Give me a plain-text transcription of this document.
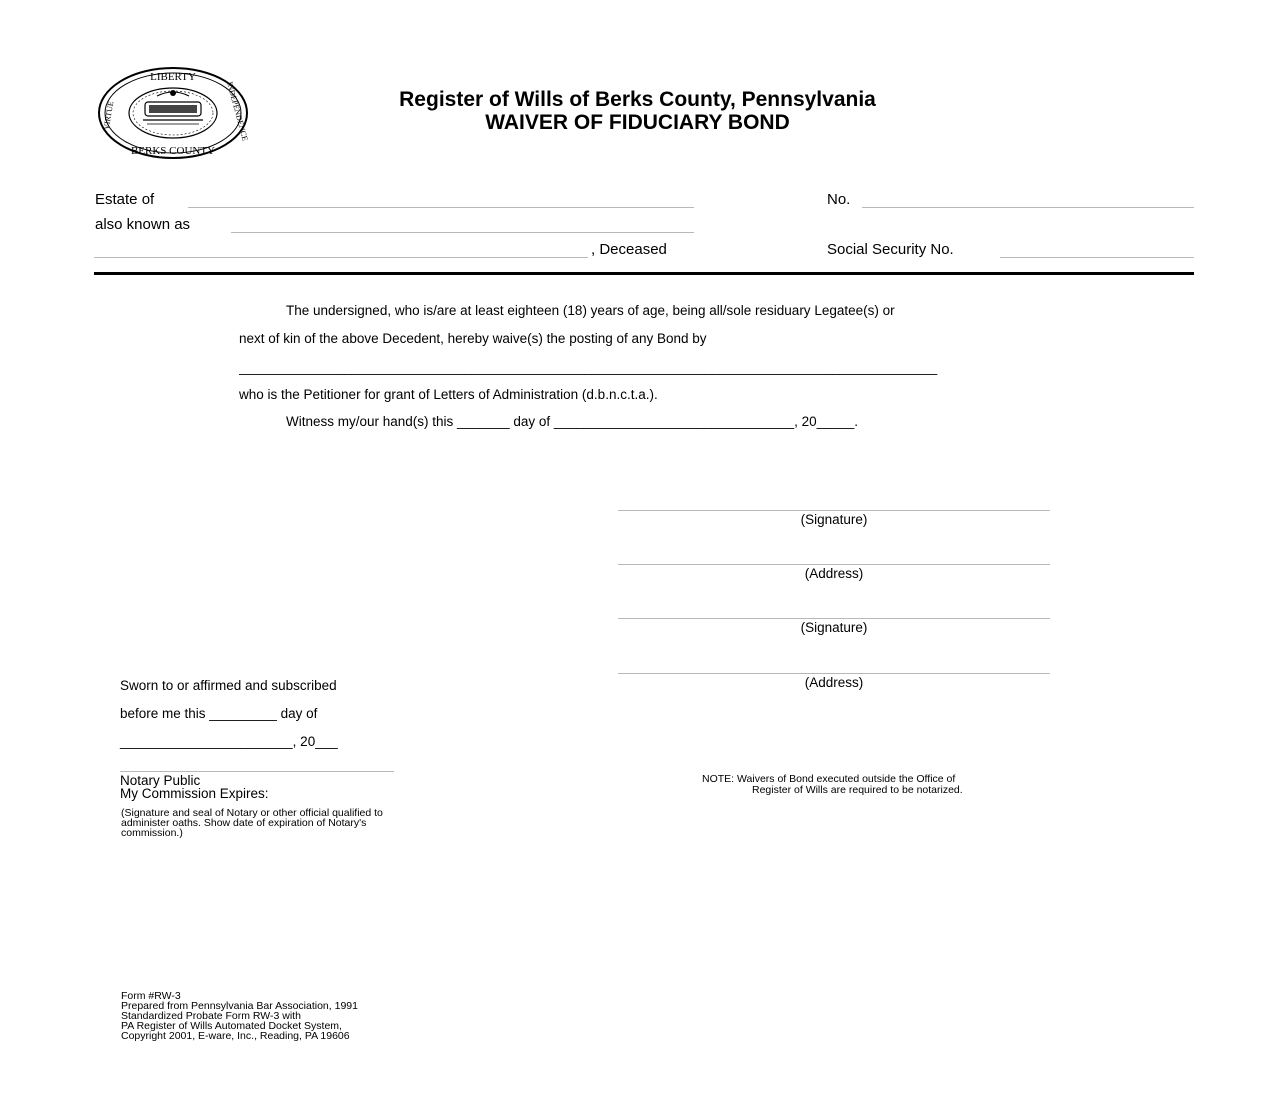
LIBERTY
BERKS COUNTY
VIRTUE	INDEPENDENCE	Register of Wills of Berks County, Pennsylvania
WAIVER OF FIDUCIARY BOND
Estate of	No.
also known as
, Deceased	Social Security No.
The undersigned, who is/are at least eighteen (18) years of age, being all/sole residuary Legatee(s) or
next of kin of the above Decedent, hereby waive(s) the posting of any Bond by
_____________________________________________________________________________________________
who is the Petitioner for grant of Letters of Administration (d.b.n.c.t.a.).
Witness my/our hand(s) this _______ day of ________________________________, 20_____.
(Signature)
(Address)
(Signature)
(Address)
Sworn to or affirmed and subscribed
before me this _________ day of
_______________________, 20___
Notary Public
My Commission Expires:
(Signature and seal of Notary or other official qualified to administer oaths. Show date of expiration of Notary's commission.)
NOTE: Waivers of Bond executed outside the Office of
Register of Wills are required to be notarized.
Form #RW-3
Prepared from Pennsylvania Bar Association, 1991
Standardized Probate Form RW-3 with
PA Register of Wills Automated Docket System,
Copyright 2001, E-ware, Inc., Reading, PA 19606
